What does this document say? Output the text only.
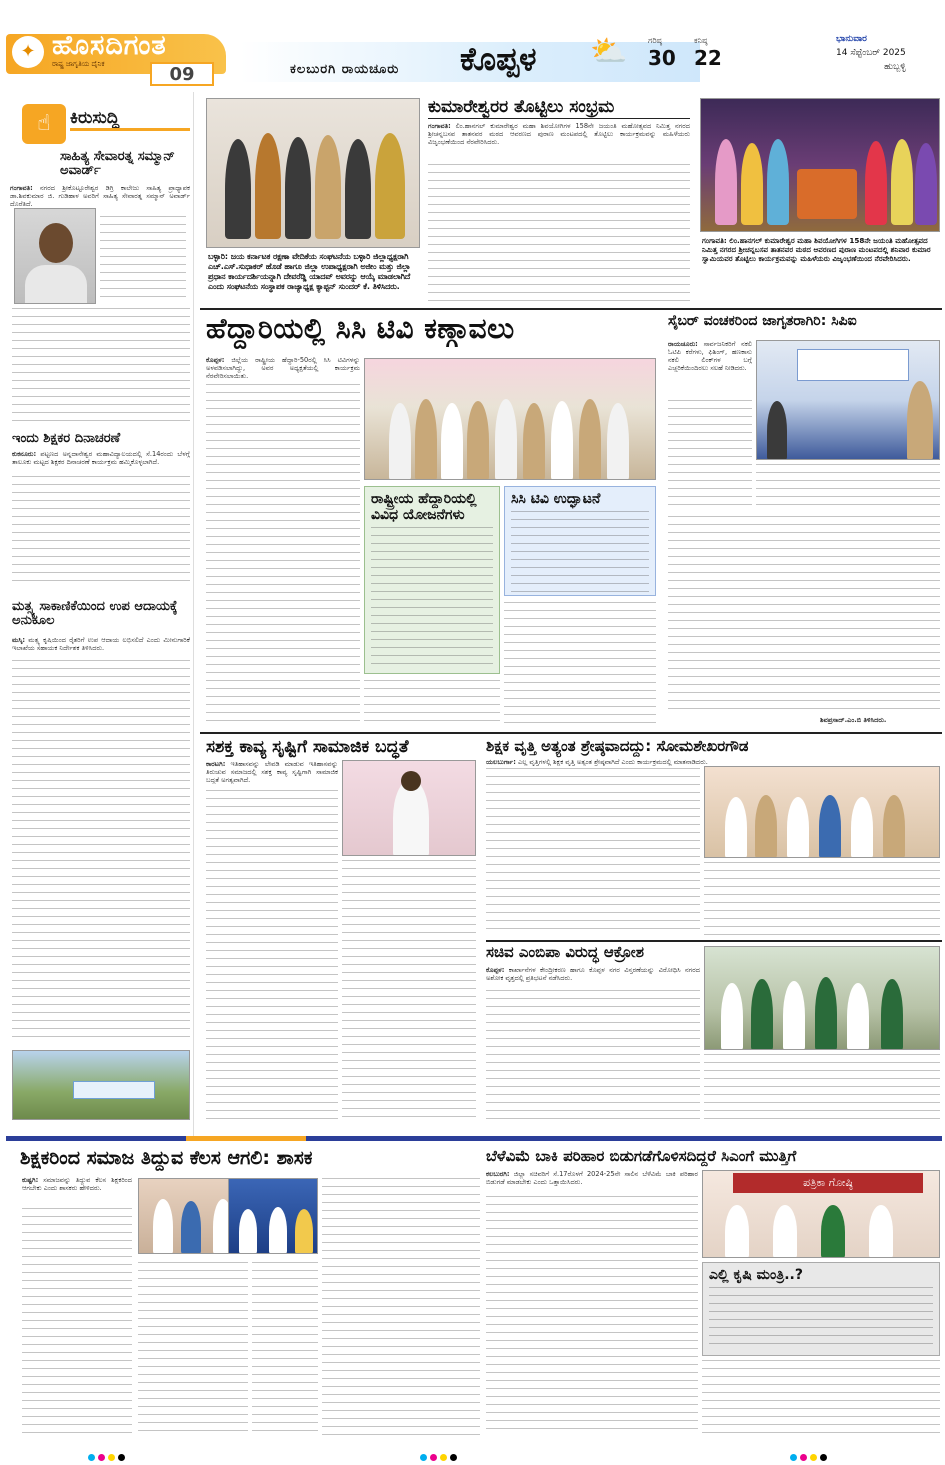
✦ ಹೊಸದಿಗಂತ
ರಾಷ್ಟ್ರ ಜಾಗೃತಿಯ ದೈನಿಕ	09	ಕಲಬುರಗಿ ರಾಯಚೂರು ಕೊಪ್ಪಳ ⛅	ಗರಿಷ್ಠ
30
ಕನಿಷ್ಠ
22
ಭಾನುವಾರ
14 ಸೆಪ್ಟೆಂಬರ್ 2025
ಹುಬ್ಬಳ್ಳಿ
☝	ಕಿರುಸುದ್ದಿ
ಸಾಹಿತ್ಯ ಸೇವಾರತ್ನ ಸಮ್ಮಾನ್ ಅವಾರ್ಡ್
ಗಂಗಾವತಿ: ನಗರದ ಶ್ರೀಕೊಟ್ಟೂರೇಶ್ವರ ಡಿಗ್ರಿ ಕಾಲೇಜು ಸಾಹಿತ್ಯ ಪ್ರಾಧ್ಯಾಪಕ ಡಾ.ಶಿವಕುಮಾರ ಜಿ. ಗುಡಿಹಾಳ ಅವರಿಗೆ ಸಾಹಿತ್ಯ ಸೇವಾರತ್ನ ಸಮ್ಮಾನ್ ಅವಾರ್ಡ್ ದೊರೆತಿದೆ.
ಇಂದು ಶಿಕ್ಷಕರ ದಿನಾಚರಣೆ
ಕುಕನೂರು: ಪಟ್ಟಣದ ಅನ್ನದಾನೇಶ್ವರ ಮಹಾವಿದ್ಯಾಲಯದಲ್ಲಿ ಸೆ.14ರಂದು ಬೆಳಗ್ಗೆ ತಾಲೂಕು ಮಟ್ಟದ ಶಿಕ್ಷಕರ ದಿನಾಚರಣೆ ಕಾರ್ಯಕ್ರಮ ಹಮ್ಮಿಕೊಳ್ಳಲಾಗಿದೆ.
ಮತ್ಸ್ಯ ಸಾಕಾಣಿಕೆಯಿಂದ ಉಪ ಆದಾಯಕ್ಕೆ ಅನುಕೂಲ
ಮಸ್ಕಿ: ಮತ್ಸ್ಯ ಕೃಷಿಯಿಂದ ರೈತರಿಗೆ ಉಪ ಆದಾಯ ಲಭಿಸಲಿದೆ ಎಂದು ಮೀನುಗಾರಿಕೆ ಇಲಾಖೆಯ ಸಹಾಯಕ ನಿರ್ದೇಶಕ ತಿಳಿಸಿದರು.
ಬಳ್ಳಾರಿ: ಜಯ ಕರ್ನಾಟಕ ರಕ್ಷಣಾ ವೇದಿಕೆಯ ಸಂಘಟನೆಯ ಬಳ್ಳಾರಿ ಜಿಲ್ಲಾಧ್ಯಕ್ಷರಾಗಿ ಎಚ್.ಎಸ್.ಸುಧಾಕರ್ ಹೊಡೆ ಹಾಗೂ ಜಿಲ್ಲಾ ಉಪಾಧ್ಯಕ್ಷರಾಗಿ ಅಜೀಂ ಮತ್ತು ಜಿಲ್ಲಾ ಪ್ರಧಾನ ಕಾರ್ಯದರ್ಶಿಯನ್ನಾಗಿ ದೇವರೆಡ್ಡಿ ಯಾದವ್ ಅವರನ್ನು ಆಯ್ಕೆ ಮಾಡಲಾಗಿದೆ ಎಂದು ಸಂಘಟನೆಯ ಸಂಸ್ಥಾಪಕ ರಾಜ್ಯಾಧ್ಯಕ್ಷ ಕ್ಯಾಪ್ಟನ್ ಸುಂದರ್ ಕೆ. ತಿಳಿಸಿದರು.
ಕುಮಾರೇಶ್ವರರ ತೊಟ್ಟಿಲು ಸಂಭ್ರಮ
ಗಂಗಾವತಿ: ಲಿಂ.ಹಾನಗಲ್ ಕುಮಾರೇಶ್ವರ ಮಹಾ ಶಿವಯೋಗಿಗಳ 158ನೇ ಜಯಂತಿ ಮಹೋತ್ಸವದ ನಿಮಿತ್ತ ನಗರದ ಶ್ರೀಚನ್ನಬಸವ ತಾತನವರ ಮಠದ ಆವರಣದ ಪುರಾಣ ಮಂಟಪದಲ್ಲಿ ತೊಟ್ಟಿಲು ಕಾರ್ಯಕ್ರಮವನ್ನು ಮಹಿಳೆಯರು ವಿಜೃಂಭಣೆಯಿಂದ ನೆರವೇರಿಸಿದರು.
ಗಂಗಾವತಿ: ಲಿಂ.ಹಾನಗಲ್ ಕುಮಾರೇಶ್ವರ ಮಹಾ ಶಿವಯೋಗಿಗಳ 158ನೇ ಜಯಂತಿ ಮಹೋತ್ಸವದ ನಿಮಿತ್ತ ನಗರದ ಶ್ರೀಚನ್ನಬಸವ ತಾತನವರ ಮಠದ ಆವರಣದ ಪುರಾಣ ಮಂಟಪದಲ್ಲಿ ಶನಿವಾರ ಕುಮಾರ ಸ್ವಾಮಿಯವರ ತೊಟ್ಟಿಲು ಕಾರ್ಯಕ್ರಮವನ್ನು ಮಹಿಳೆಯರು ವಿಜೃಂಭಣೆಯಿಂದ ನೆರವೇರಿಸಿದರು.
ಹೆದ್ದಾರಿಯಲ್ಲಿ ಸಿಸಿ ಟಿವಿ ಕಣ್ಗಾವಲು
ಕೊಪ್ಪಳ: ಜಿಲ್ಲೆಯ ರಾಷ್ಟ್ರೀಯ ಹೆದ್ದಾರಿ-50ರಲ್ಲಿ ಸಿಸಿ ಟಿವಿಗಳನ್ನು ಅಳವಡಿಸಲಾಗಿದ್ದು, ಅವರ ಅಧ್ಯಕ್ಷತೆಯಲ್ಲಿ ಕಾರ್ಯಕ್ರಮ ನೆರವೇರಿಸಲಾಯಿತು.
ರಾಷ್ಟ್ರೀಯ ಹೆದ್ದಾರಿಯಲ್ಲಿ ವಿವಿಧ ಯೋಜನೆಗಳು
ಸಿಸಿ ಟಿವಿ ಉದ್ಘಾಟನೆ
ಸೈಬರ್ ವಂಚಕರಿಂದ ಜಾಗೃತರಾಗಿರಿ: ಸಿಪಿಐ
ರಾಯಚೂರು: ಸಾರ್ವಜನಿಕರಿಗೆ ನಕಲಿ ಓಟಿಪಿ ಕರೆಗಳು, ಫಿಶಿಂಗ್, ಹಣಕಾಸು ನಕಲಿ ಲಿಂಕ್‌ಗಳ ಬಗ್ಗೆ ಎಚ್ಚರಿಕೆಯಿಂದಿರಲು ಸಲಹೆ ನೀಡಿದರು.
ಶಿವಪ್ರಸಾದ್.ಎಂ.ಬಿ ತಿಳಿಸಿದರು.
ಸಶಕ್ತ ಕಾವ್ಯ ಸೃಷ್ಟಿಗೆ ಸಾಮಾಜಿಕ ಬದ್ಧತೆ
ಕಾರಟಗಿ: ಇತಿಹಾಸವನ್ನು ಲೇವಡಿ ಮಾಡುವ ಇತಿಹಾಸವನ್ನು ತಿರುಚುವ ಸಮಾಜದಲ್ಲಿ ಸಶಕ್ತ ಕಾವ್ಯ ಸೃಷ್ಟಿಗಾಗಿ ಸಾಮಾಜಿಕ ಬದ್ಧತೆ ಅಗತ್ಯವಾಗಿದೆ.
ಶಿಕ್ಷಕ ವೃತ್ತಿ ಅತ್ಯಂತ ಶ್ರೇಷ್ಠವಾದದ್ದು: ಸೋಮಶೇಖರಗೌಡ
ಯಲಬುರ್ಗಾ: ಎಲ್ಲ ವೃತ್ತಿಗಳಲ್ಲಿ ಶಿಕ್ಷಕ ವೃತ್ತಿ ಅತ್ಯಂತ ಶ್ರೇಷ್ಠವಾಗಿದೆ ಎಂದು ಕಾರ್ಯಕ್ರಮದಲ್ಲಿ ಮಾತನಾಡಿದರು.
ಸಚಿವ ಎಂಬಿಪಾ ವಿರುದ್ಧ ಆಕ್ರೋಶ
ಕೊಪ್ಪಳ: ಕಾರ್ಖಾನೆಗಳ ಕೇಂದ್ರೀಕರಣ ಹಾಗೂ ಕೊಪ್ಪಳ ನಗರ ವಿಸ್ತರಣೆಯನ್ನು ವಿರೋಧಿಸಿ ನಗರದ ಅಶೋಕ ವೃತ್ತದಲ್ಲಿ ಪ್ರತಿಭಟನೆ ನಡೆಸಿದರು.
ಶಿಕ್ಷಕರಿಂದ ಸಮಾಜ ತಿದ್ದುವ ಕೆಲಸ ಆಗಲಿ: ಶಾಸಕ
ಕುಷ್ಟಗಿ: ಸಮಾಜವನ್ನು ತಿದ್ದುವ ಕೆಲಸ ಶಿಕ್ಷಕರಿಂದ ಆಗಬೇಕು ಎಂದು ಶಾಸಕರು ಹೇಳಿದರು.
ಬೆಳೆವಿಮೆ ಬಾಕಿ ಪರಿಹಾರ ಬಿಡುಗಡೆಗೊಳಿಸದಿದ್ದರೆ ಸಿಎಂಗೆ ಮುತ್ತಿಗೆ
ಕಲಬುರಗಿ: ಜಿಲ್ಲಾ ಸಚಿವರಿಗೆ ಸೆ.17ರೊಳಗೆ 2024-25ನೇ ಸಾಲಿನ ಬೆಳೆವಿಮೆ ಬಾಕಿ ಪರಿಹಾರ ಬಿಡುಗಡೆ ಮಾಡಬೇಕು ಎಂದು ಒತ್ತಾಯಿಸಿದರು.	ಪತ್ರಿಕಾ ಗೋಷ್ಠಿ
ಎಲ್ಲಿ ಕೃಷಿ ಮಂತ್ರಿ..?
